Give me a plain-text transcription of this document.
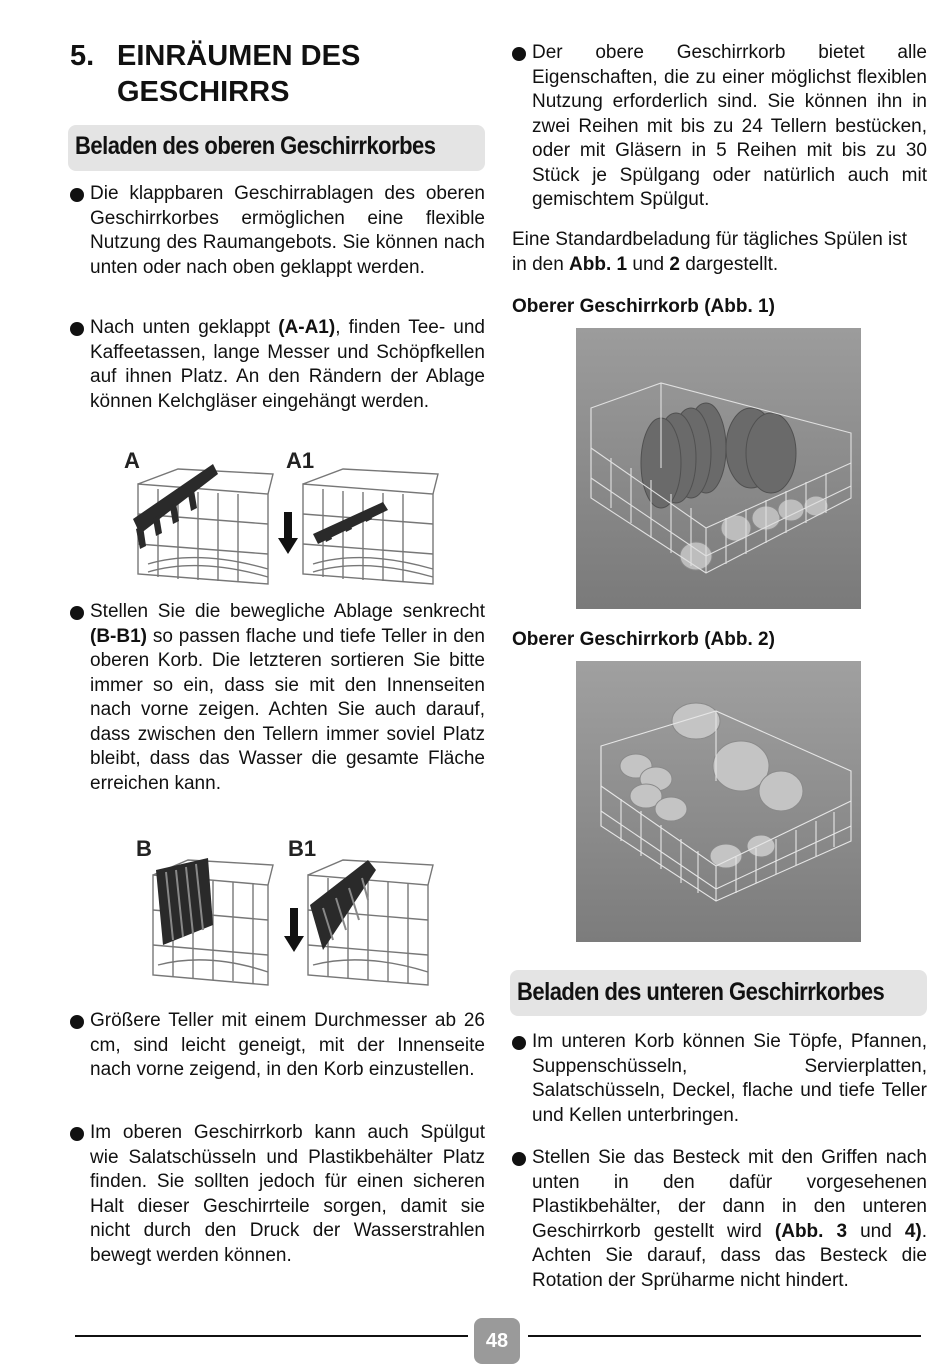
5. EINRÄUMEN DES GESCHIRRS
Beladen des oberen Geschirrkorbes
Die klappbaren Geschirrablagen des oberen Geschirrkorbes ermöglichen eine flexible Nutzung des Raumangebots. Sie können nach unten oder nach oben geklappt werden.
Nach unten geklappt (A-A1), finden Tee- und Kaffeetassen, lange Messer und Schöpfkellen auf ihnen Platz. An den Rändern der Ablage können Kelchgläser eingehängt werden.
A	A1
Stellen Sie die bewegliche Ablage senkrecht (B-B1) so passen flache und tiefe Teller in den oberen Korb. Die letzteren sortieren Sie bitte immer so ein, dass sie mit den Innenseiten nach vorne zeigen. Achten Sie auch darauf, dass zwischen den Tellern immer soviel Platz bleibt, dass das Wasser die gesamte Fläche erreichen kann.
B	B1
Größere Teller mit einem Durchmesser ab 26 cm, sind leicht geneigt, mit der Innenseite nach vorne zeigend, in den Korb einzustellen.
Im oberen Geschirrkorb kann auch Spülgut wie Salatschüsseln und Plastikbehälter Platz finden. Sie sollten jedoch für einen sicheren Halt dieser Geschirrteile sorgen, damit sie nicht durch den Druck der Wasserstrahlen bewegt werden können.
Der obere Geschirrkorb bietet alle Eigenschaften, die zu einer möglichst flexiblen Nutzung erforderlich sind. Sie können ihn in zwei Reihen mit bis zu 24 Tellern bestücken, oder mit Gläsern in 5 Reihen mit bis zu 30 Stück je Spülgang oder natürlich auch mit gemischtem Spülgut.
Eine Standardbeladung für tägliches Spülen ist in den Abb. 1 und 2 dargestellt.
Oberer Geschirrkorb (Abb. 1)
Oberer Geschirrkorb (Abb. 2)
Beladen des unteren Geschirrkorbes
Im unteren Korb können Sie Töpfe, Pfannen, Suppenschüsseln, Servierplatten, Salatschüsseln, Deckel, flache und tiefe Teller und Kellen unterbringen.
Stellen Sie das Besteck mit den Griffen nach unten in den dafür vorgesehenen Plastikbehälter, der dann in den unteren Geschirrkorb gestellt wird (Abb. 3 und 4). Achten Sie darauf, dass das Besteck die Rotation der Sprüharme nicht hindert.
48
